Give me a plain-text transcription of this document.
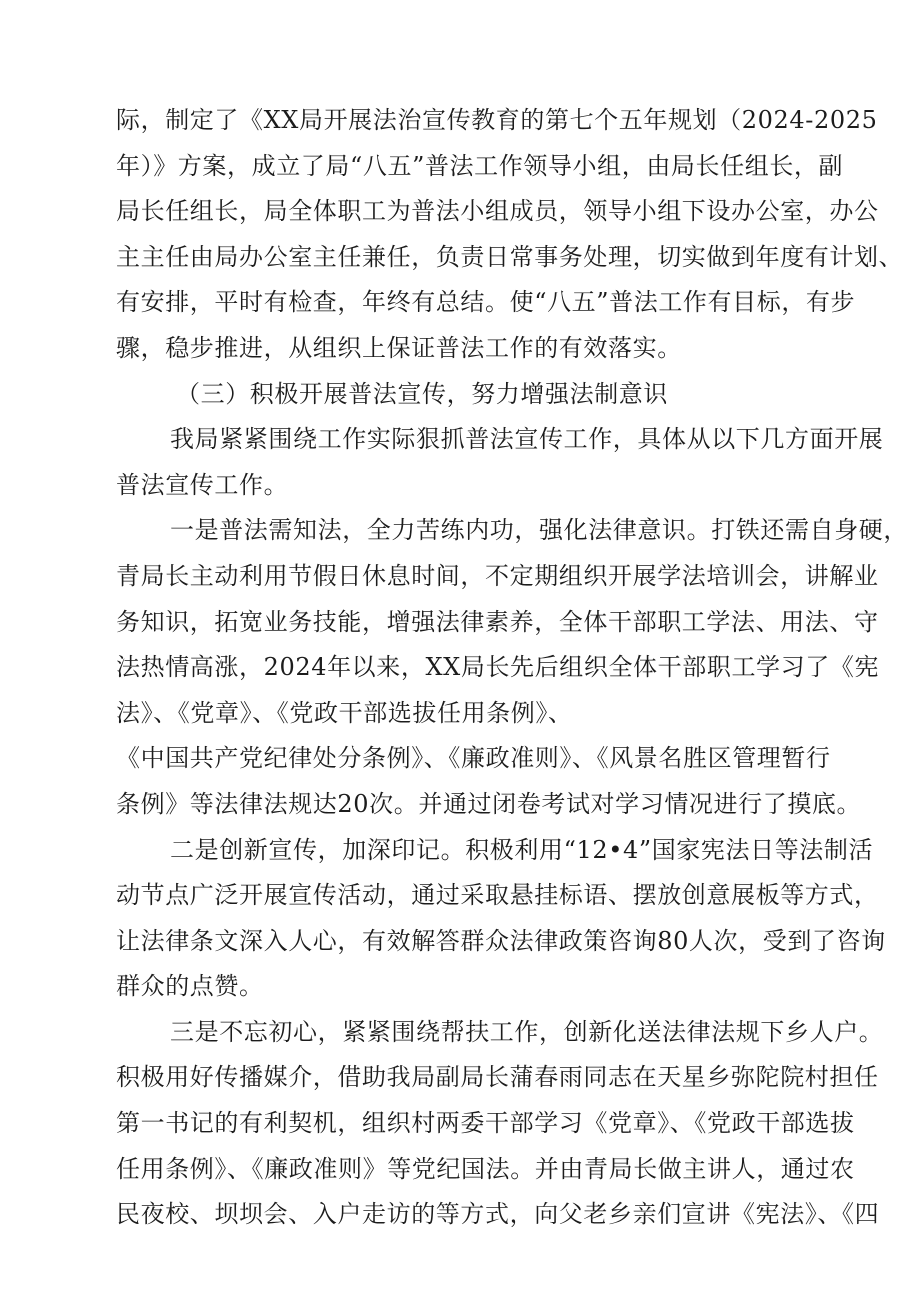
际，制定了《XX局开展法治宣传教育的第七个五年规划（2024-2025
年）》方案，成立了局“八五”普法工作领导小组，由局长任组长，副
局长任组长，局全体职工为普法小组成员，领导小组下设办公室，办公
主主任由局办公室主任兼任，负责日常事务处理，切实做到年度有计划、
有安排，平时有检查，年终有总结。使“八五”普法工作有目标，有步
骤，稳步推进，从组织上保证普法工作的有效落实。
（三）积极开展普法宣传，努力增强法制意识
我局紧紧围绕工作实际狠抓普法宣传工作，具体从以下几方面开展
普法宣传工作。
一是普法需知法，全力苦练内功，强化法律意识。打铁还需自身硬，
青局长主动利用节假日休息时间，不定期组织开展学法培训会，讲解业
务知识，拓宽业务技能，增强法律素养，全体干部职工学法、用法、守
法热情高涨，2024年以来，XX局长先后组织全体干部职工学习了《宪
法》、《党章》、《党政干部选拔任用条例》、
《中国共产党纪律处分条例》、《廉政准则》、《风景名胜区管理暂行
条例》等法律法规达20次。并通过闭卷考试对学习情况进行了摸底。
二是创新宣传，加深印记。积极利用“12•4”国家宪法日等法制活
动节点广泛开展宣传活动，通过采取悬挂标语、摆放创意展板等方式，
让法律条文深入人心，有效解答群众法律政策咨询80人次，受到了咨询
群众的点赞。
三是不忘初心，紧紧围绕帮扶工作，创新化送法律法规下乡人户。
积极用好传播媒介，借助我局副局长蒲春雨同志在天星乡弥陀院村担任
第一书记的有利契机，组织村两委干部学习《党章》、《党政干部选拔
任用条例》、《廉政准则》等党纪国法。并由青局长做主讲人，通过农
民夜校、坝坝会、入户走访的等方式，向父老乡亲们宣讲《宪法》、《四
